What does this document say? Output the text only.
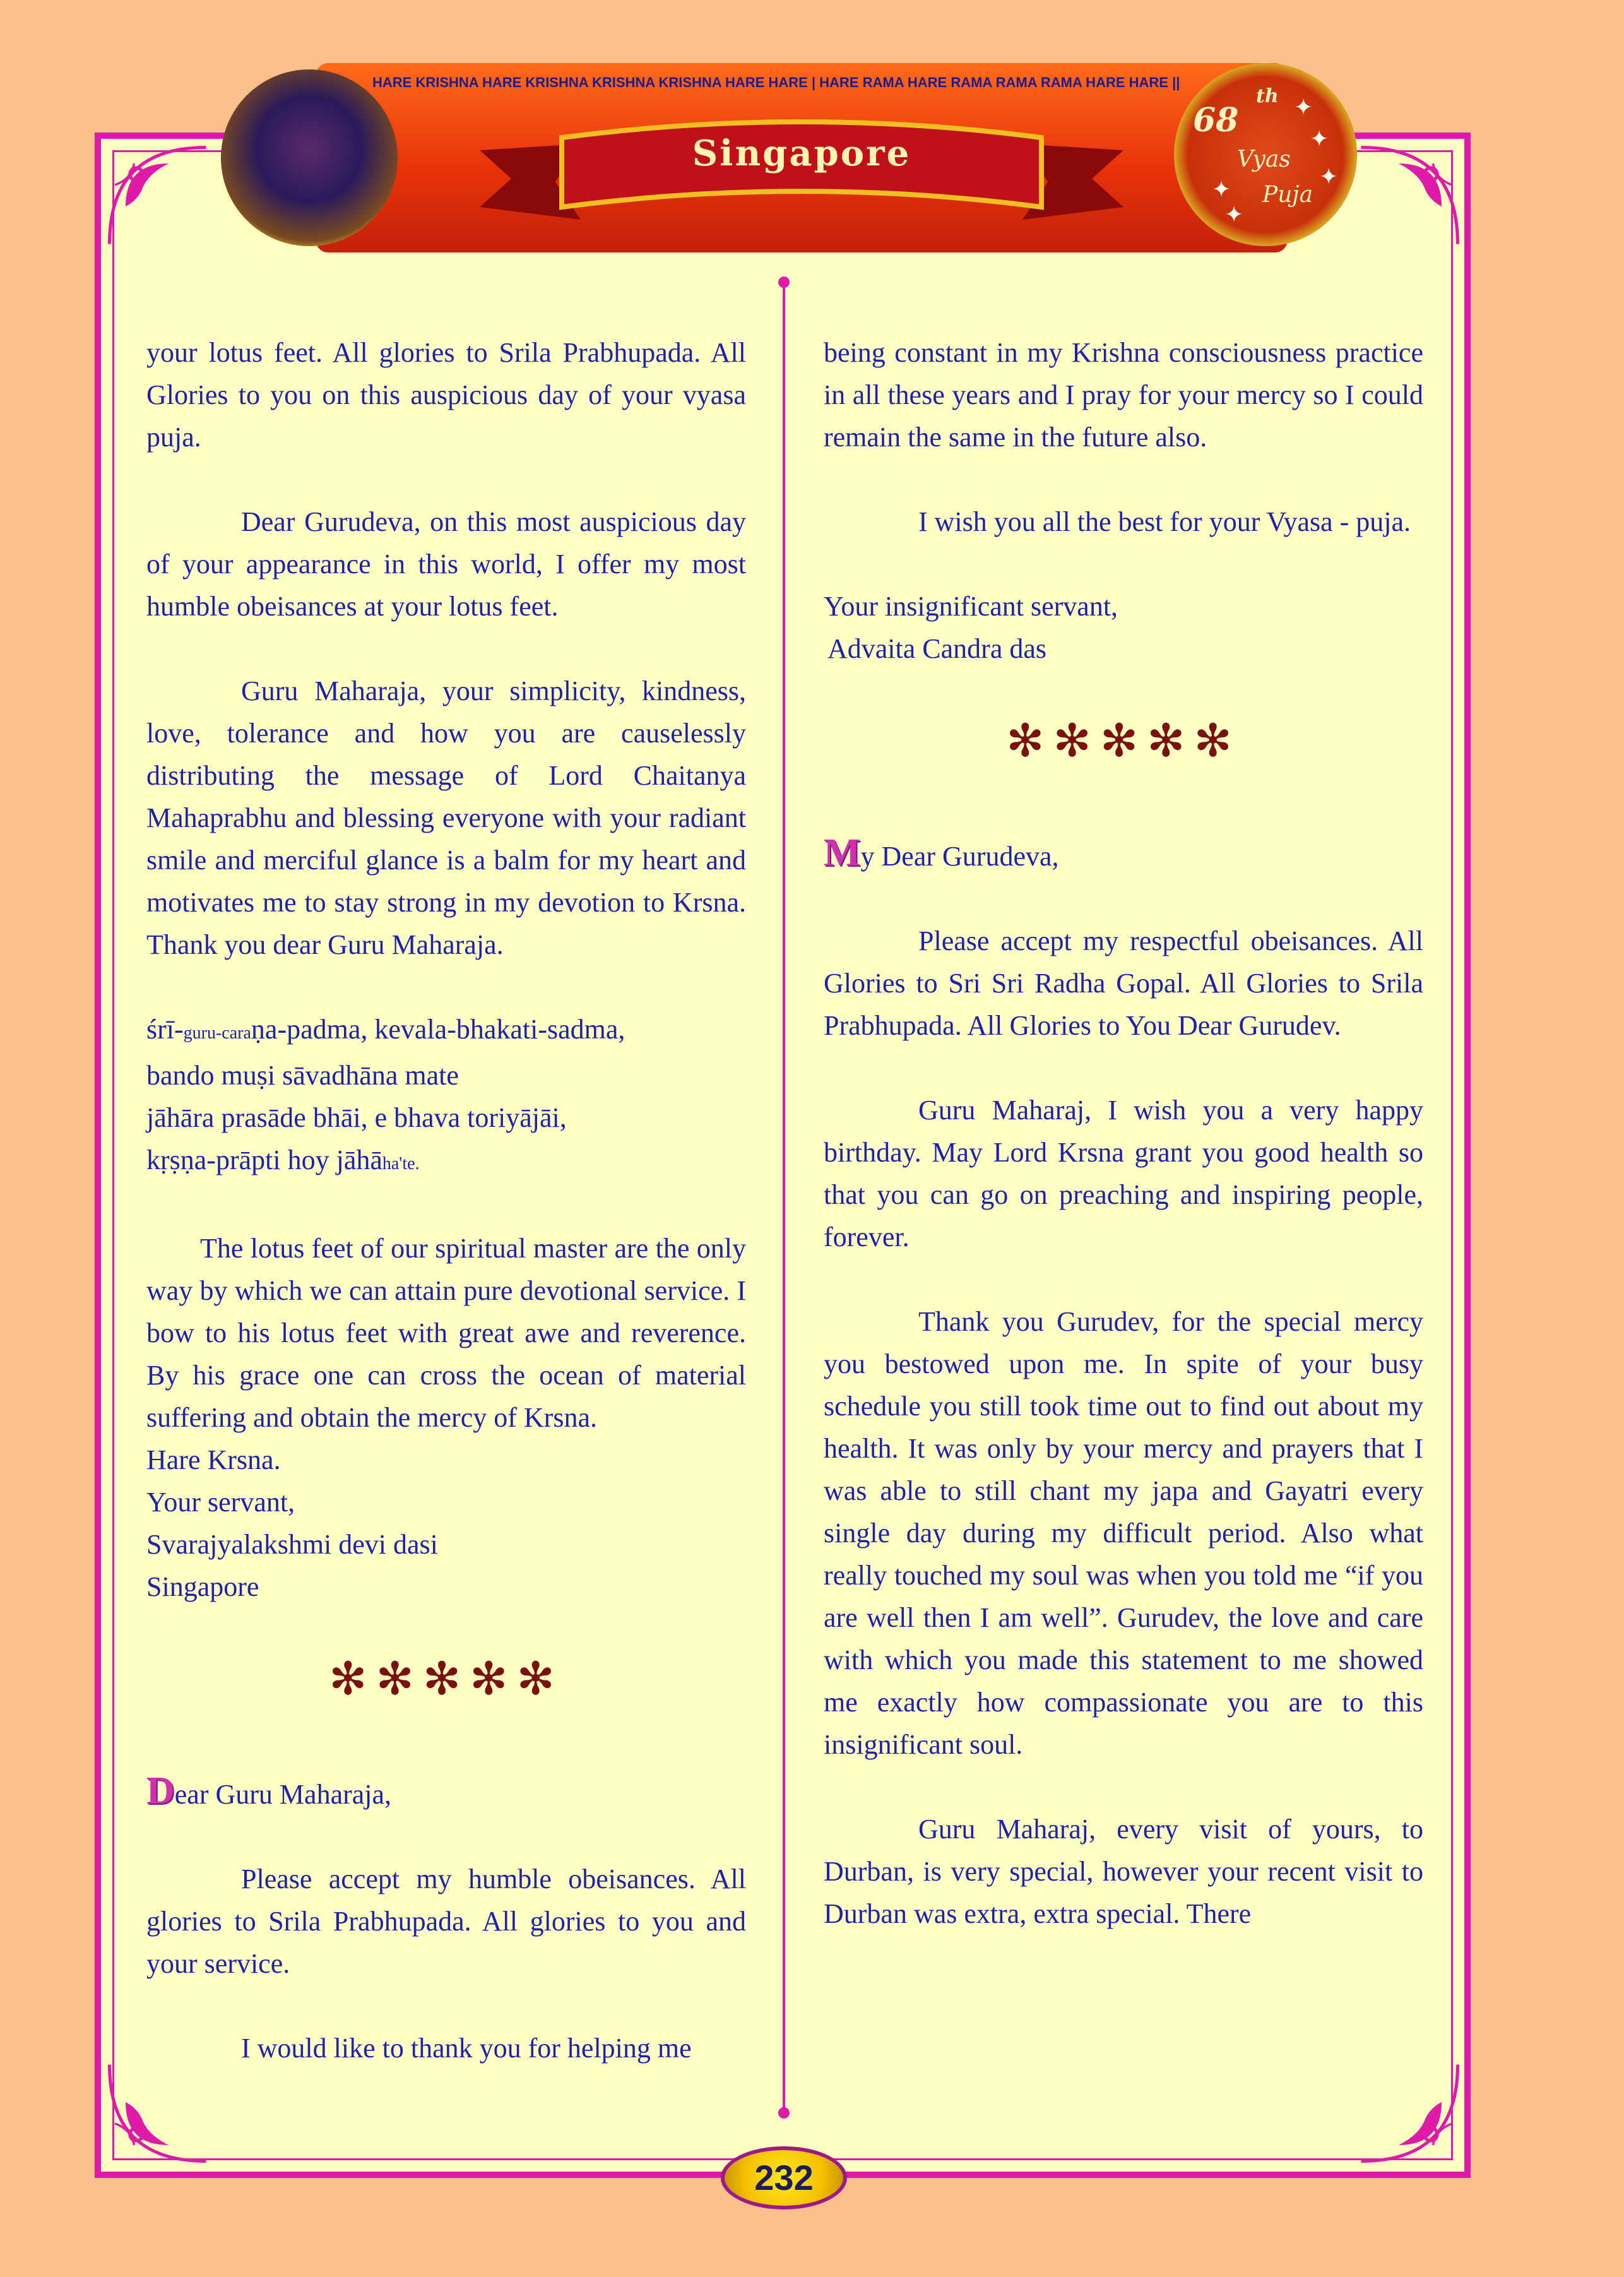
HARE KRISHNA HARE KRISHNA KRISHNA KRISHNA HARE HARE | HARE RAMA HARE RAMA RAMA RAMA HARE HARE ||
Singapore
68
th
Vyas
Puja
✦
✦
✦
✦
✦

your lotus feet. All glories to Srila Prabhupada. All Glories to you on this auspicious day of your vyasa puja.

Dear Gurudeva, on this most auspicious day of your appearance in this world, I offer my most humble obeisances at your lotus feet.

Guru Maharaja, your simplicity, kindness, love, tolerance and how you are causelessly distributing the message of Lord Chaitanya Mahaprabhu and blessing everyone with your radiant smile and merciful glance is a balm for my heart and motivates me to stay strong in my devotion to Krsna. Thank you dear Guru Maharaja.

śrī-guru-caraṇa-padma, kevala-bhakati-sadma,
bando muṣi sāvadhāna mate
jāhāra prasāde bhāi, e bhava toriyājāi,
kṛṣṇa-prāpti hoy jāhāha'te.

The lotus feet of our spiritual master are the only way by which we can attain pure devotional service. I bow to his lotus feet with great awe and reverence. By his grace one can cross the ocean of material suffering and obtain the mercy of Krsna.

Hare Krsna.

Your servant,

Svarajyalakshmi devi dasi

Singapore

✻✻✻✻✻

Dear Guru Maharaja,

Please accept my humble obeisances. All glories to Srila Prabhupada. All glories to you and your service.

I would like to thank you for helping me

being constant in my Krishna consciousness practice in all these years and I pray for your mercy so I could remain the same in the future also.

I wish you all the best for your Vyasa - puja.

Your insignificant servant,

Advaita Candra das

✻✻✻✻✻

My Dear Gurudeva,

Please accept my respectful obeisances. All Glories to Sri Sri Radha Gopal. All Glories to Srila Prabhupada. All Glories to You Dear Gurudev.

Guru Maharaj, I wish you a very happy birthday. May Lord Krsna grant you good health so that you can go on preaching and inspiring people, forever.

Thank you Gurudev, for the special mercy you bestowed upon me. In spite of your busy schedule you still took time out to find out about my health. It was only by your mercy and prayers that I was able to still chant my japa and Gayatri every single day during my difficult period. Also what really touched my soul was when you told me “if you are well then I am well”. Gurudev, the love and care with which you made this statement to me showed me exactly how compassionate you are to this insignificant soul.

Guru Maharaj, every visit of yours, to Durban, is very special, however your recent visit to Durban was extra, extra special. There

232
